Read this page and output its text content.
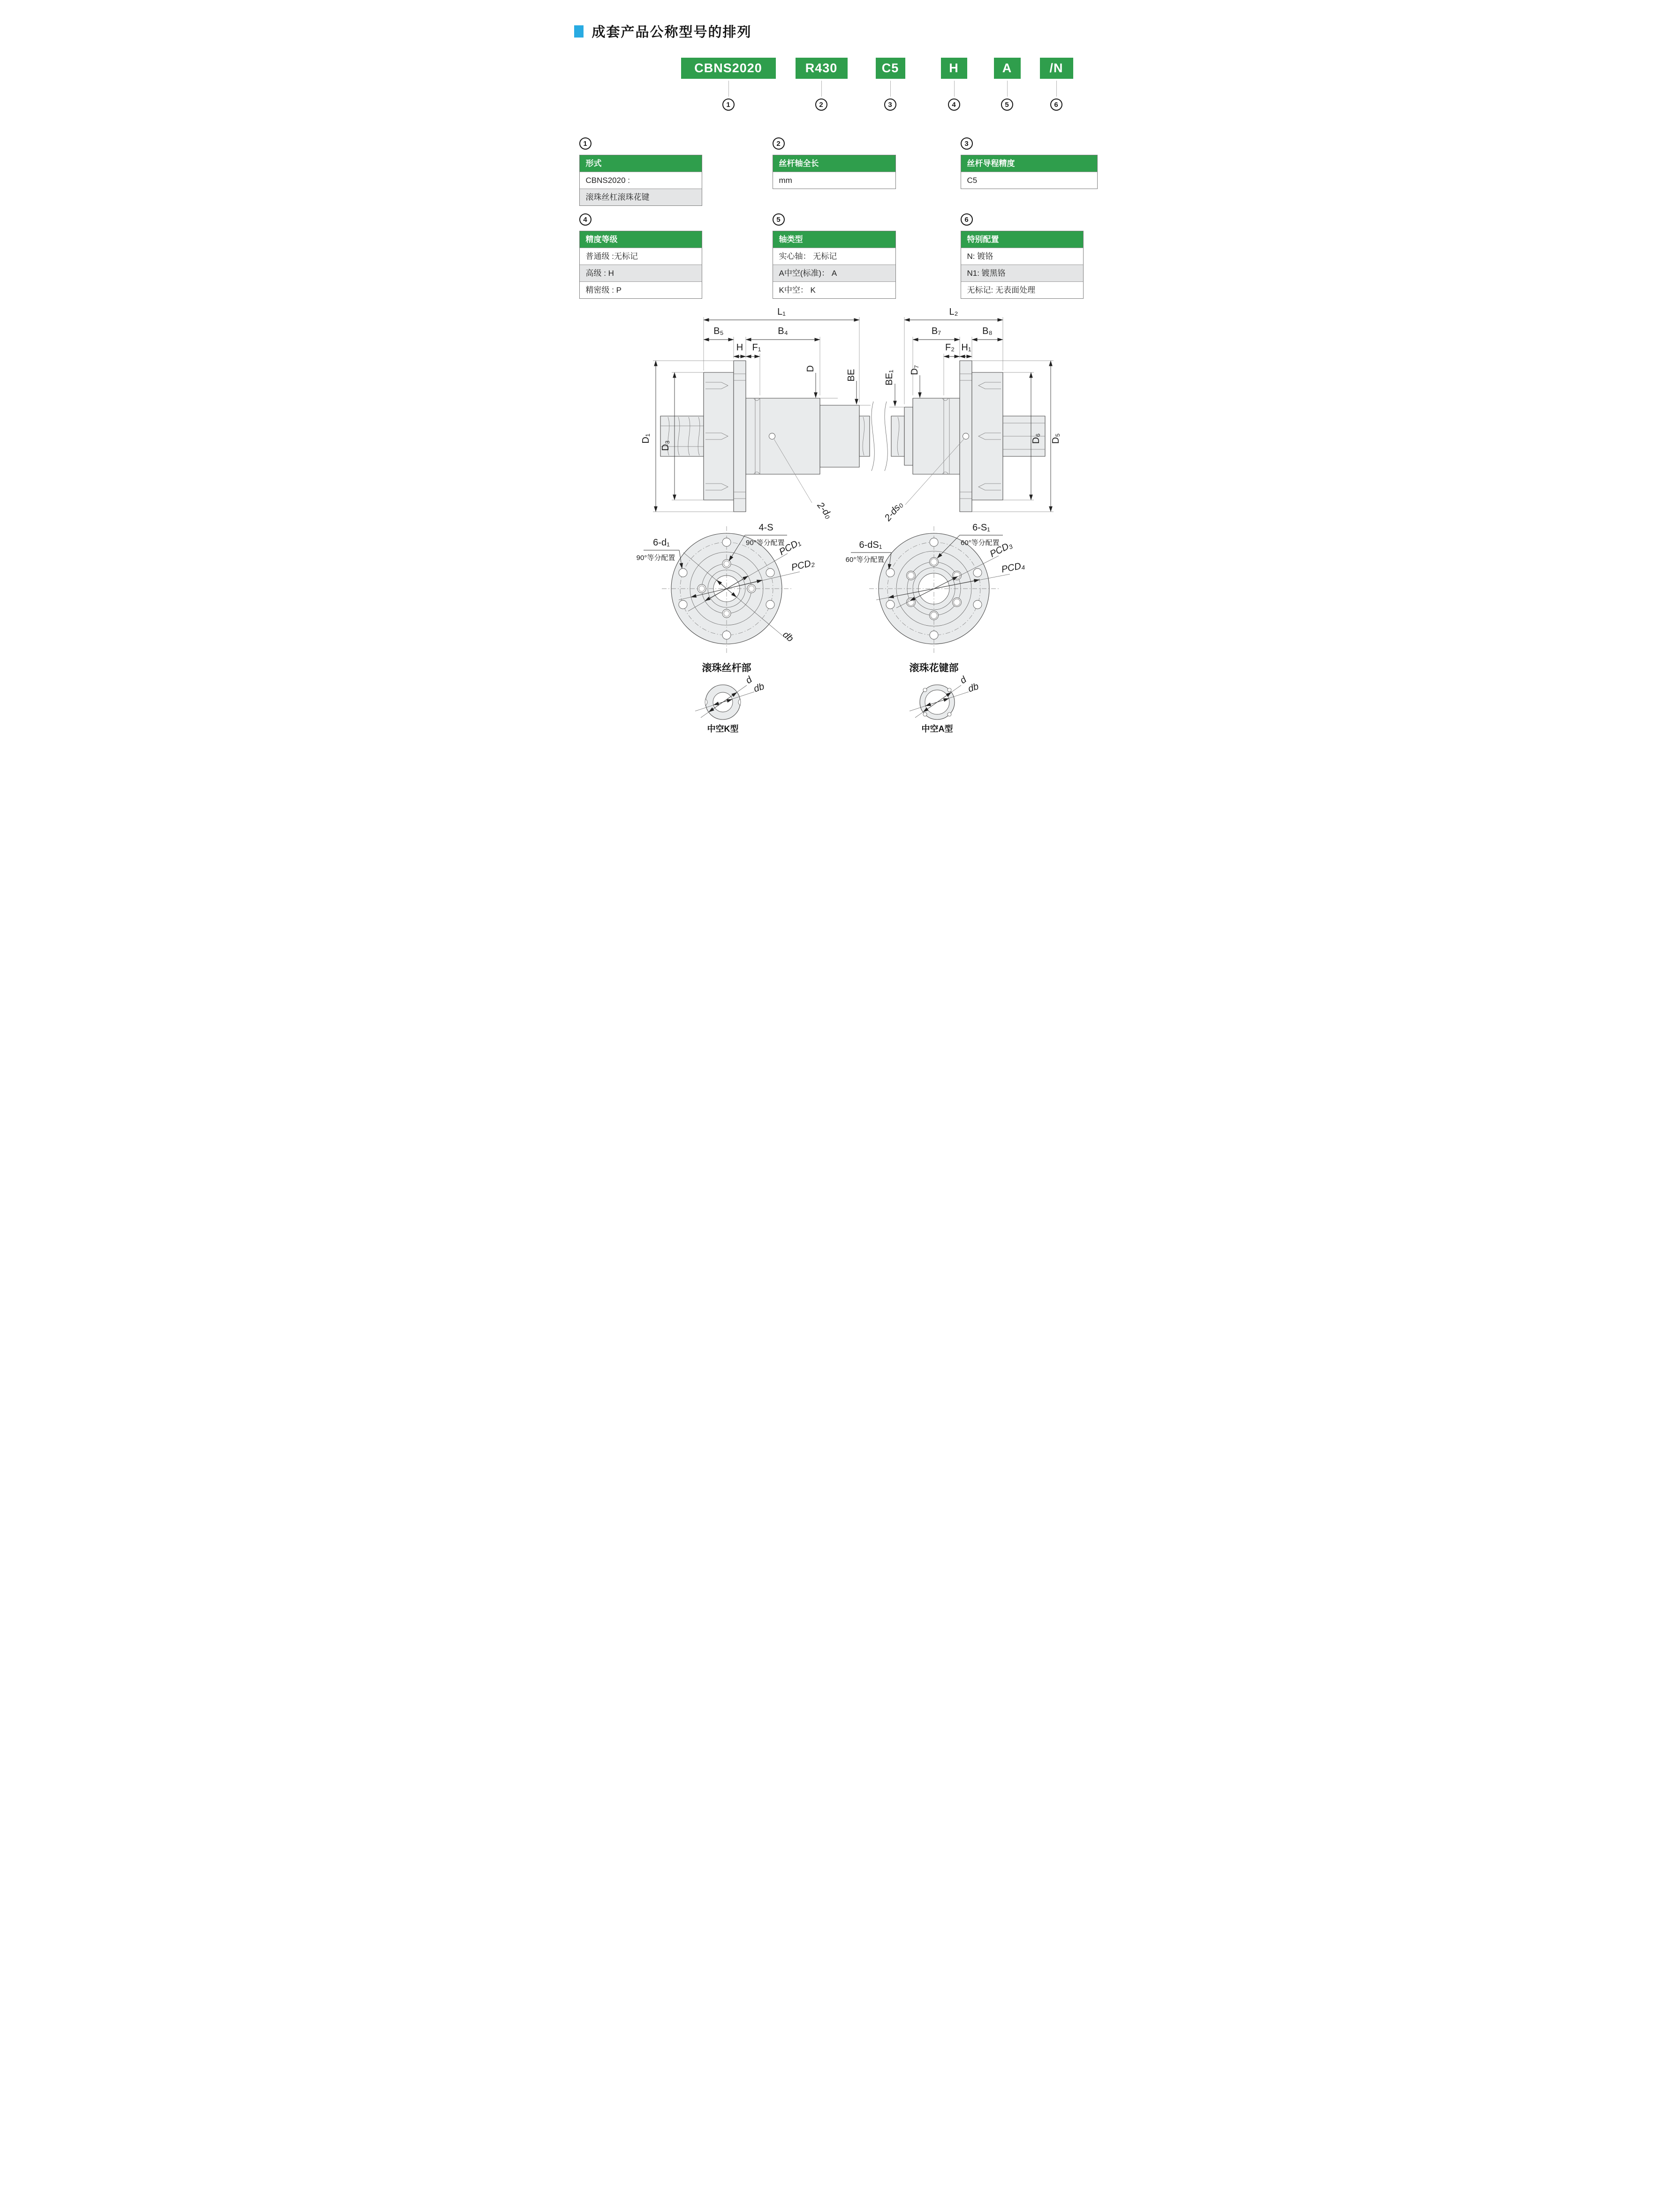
成套产品公称型号的排列
CBNS2020	R430	C5	H	A	/N
1	2	3	4	5	6
1	2	3
4	5	6
形式
CBNS2020 :
滚珠丝杠滚珠花键
丝杆轴全长
mm
丝杆导程精度
C5
精度等级
普通级 :无标记
高级 : H
精密级 : P
轴类型
实心轴： 无标记
A中空(标准)： A
K中空： K
特别配置
N: 镀铬
N1: 镀黑铬
无标记: 无表面处理
L₁
B₅	B₄
H F₁
D
BE
D₁
D₃
2-d₀
L₂
B₇	B₈
F₂ H₁
D₇
BE₁
D₆ D₅
2-ds₀
4-S
90°等分配置
6-d₁
90°等分配置
PCD₁
PCD₂
db
滚珠丝杆部
6-S₁
60°等分配置
6-dS₁
60°等分配置
PCD₃
PCD₄
滚珠花键部
d
db
中空K型
d
db
中空A型
